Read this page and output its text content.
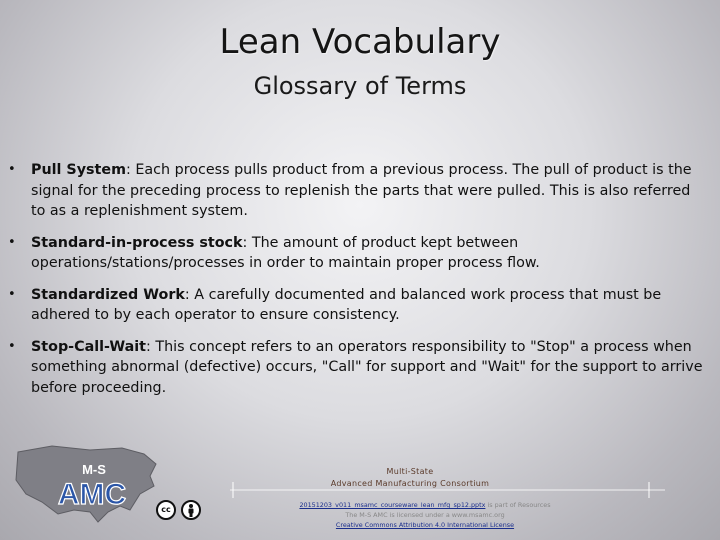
Lean Vocabulary
Glossary of Terms
•	Pull System: Each process pulls product from a previous process. The pull of product is the signal for the preceding process to replenish the parts that were pulled. This is also referred to as a replenishment system.
•	Standard-in-process stock: The amount of product kept between operations/stations/processes in order to maintain proper process flow.
•	Standardized Work: A carefully documented and balanced work process that must be adhered to by each operator to ensure consistency.
•	Stop-Call-Wait: This concept refers to an operators responsibility to "Stop" a process when something abnormal (defective) occurs, "Call" for support and "Wait" for the support to arrive before proceeding.
M-S
AMC	cc
Multi-State
Advanced Manufacturing Consortium
20151203_v011_msamc_courseware_lean_mfg_sp12.pptx is part of Resources
The M-S AMC is licensed under a www.msamc.org
Creative Commons Attribution 4.0 International License
